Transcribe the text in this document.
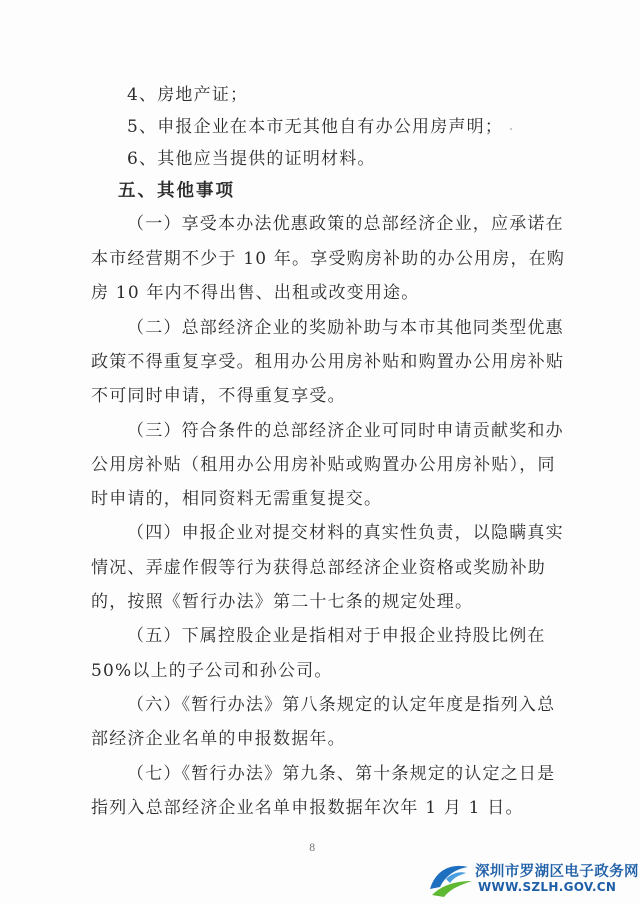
4、房地产证；
5、申报企业在本市无其他自有办公用房声明；
6、其他应当提供的证明材料。
五、其他事项
（一）享受本办法优惠政策的总部经济企业，应承诺在
本市经营期不少于 10 年。享受购房补助的办公用房，在购
房 10 年内不得出售、出租或改变用途。
（二）总部经济企业的奖励补助与本市其他同类型优惠
政策不得重复享受。租用办公用房补贴和购置办公用房补贴
不可同时申请，不得重复享受。
（三）符合条件的总部经济企业可同时申请贡献奖和办
公用房补贴（租用办公用房补贴或购置办公用房补贴），同
时申请的，相同资料无需重复提交。
（四）申报企业对提交材料的真实性负责，以隐瞒真实
情况、弄虚作假等行为获得总部经济企业资格或奖励补助
的，按照《暂行办法》第二十七条的规定处理。
（五）下属控股企业是指相对于申报企业持股比例在
50%以上的子公司和孙公司。
（六）《暂行办法》第八条规定的认定年度是指列入总
部经济企业名单的申报数据年。
（七）《暂行办法》第九条、第十条规定的认定之日是
指列入总部经济企业名单申报数据年次年 1 月 1 日。
8
深圳市罗湖区电子政务网
WWW.SZLH.GOV.CN
